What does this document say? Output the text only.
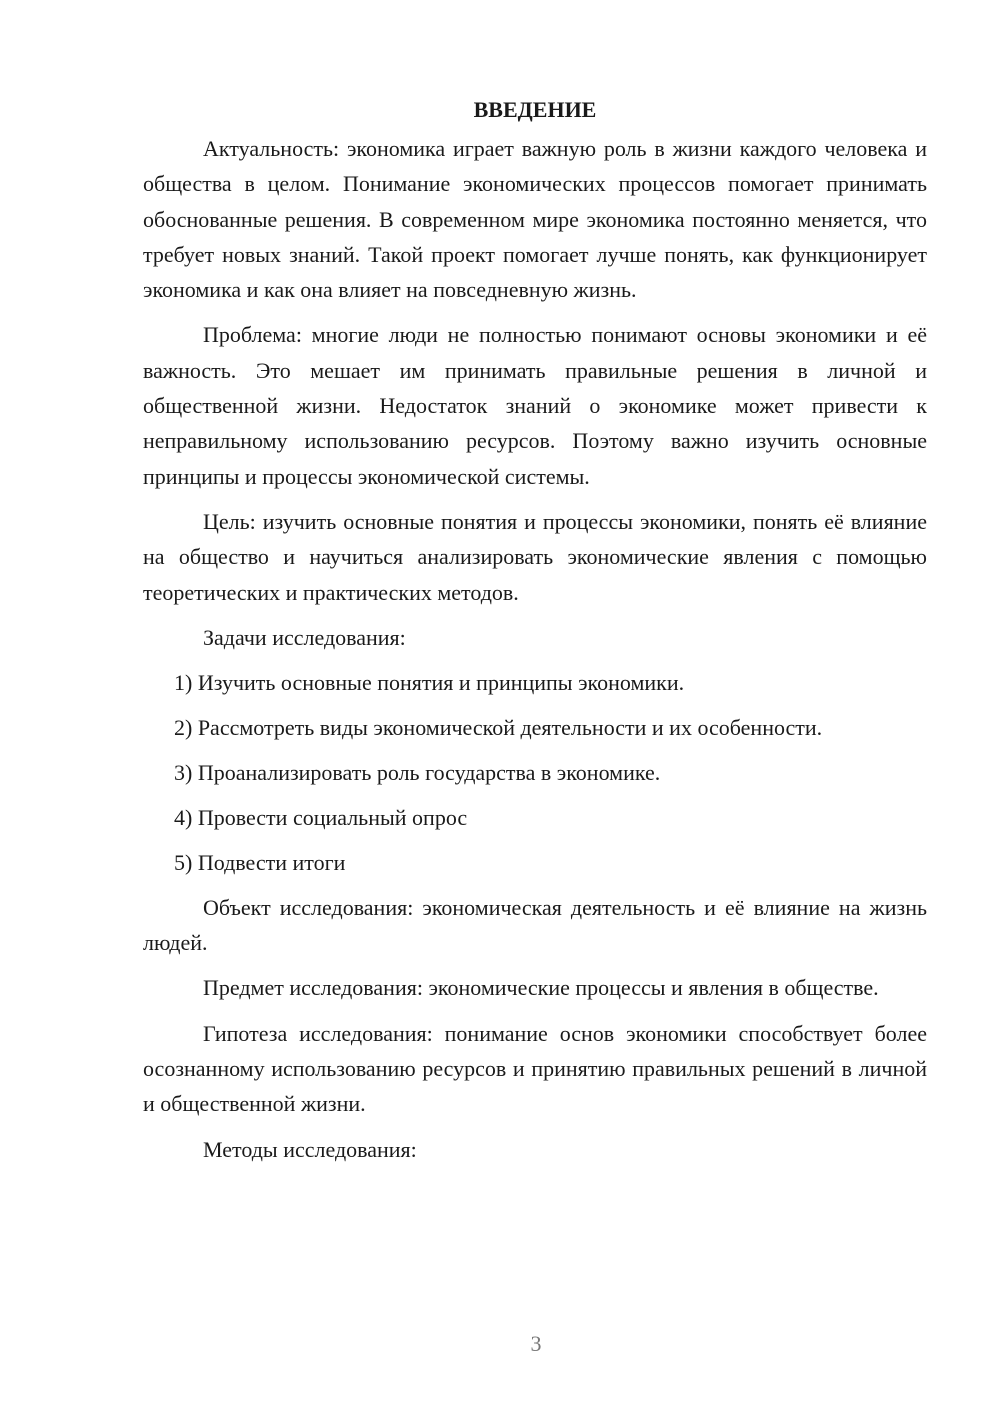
ВВЕДЕНИЕ

Актуальность: экономика играет важную роль в жизни каждого человека и общества в целом. Понимание экономических процессов помогает принимать обоснованные решения. В современном мире экономика постоянно меняется, что требует новых знаний. Такой проект помогает лучше понять, как функционирует экономика и как она влияет на повседневную жизнь.

Проблема: многие люди не полностью понимают основы экономики и её важность. Это мешает им принимать правильные решения в личной и общественной жизни. Недостаток знаний о экономике может привести к неправильному использованию ресурсов. Поэтому важно изучить основные принципы и процессы экономической системы.

Цель: изучить основные понятия и процессы экономики, понять её влияние на общество и научиться анализировать экономические явления с помощью теоретических и практических методов.

Задачи исследования:

1) Изучить основные понятия и принципы экономики.
2) Рассмотреть виды экономической деятельности и их особенности.
3) Проанализировать роль государства в экономике.
4) Провести социальный опрос
5) Подвести итоги

Объект исследования: экономическая деятельность и её влияние на жизнь людей.

Предмет исследования: экономические процессы и явления в обществе.

Гипотеза исследования: понимание основ экономики способствует более осознанному использованию ресурсов и принятию правильных решений в личной и общественной жизни.

Методы исследования:

3
